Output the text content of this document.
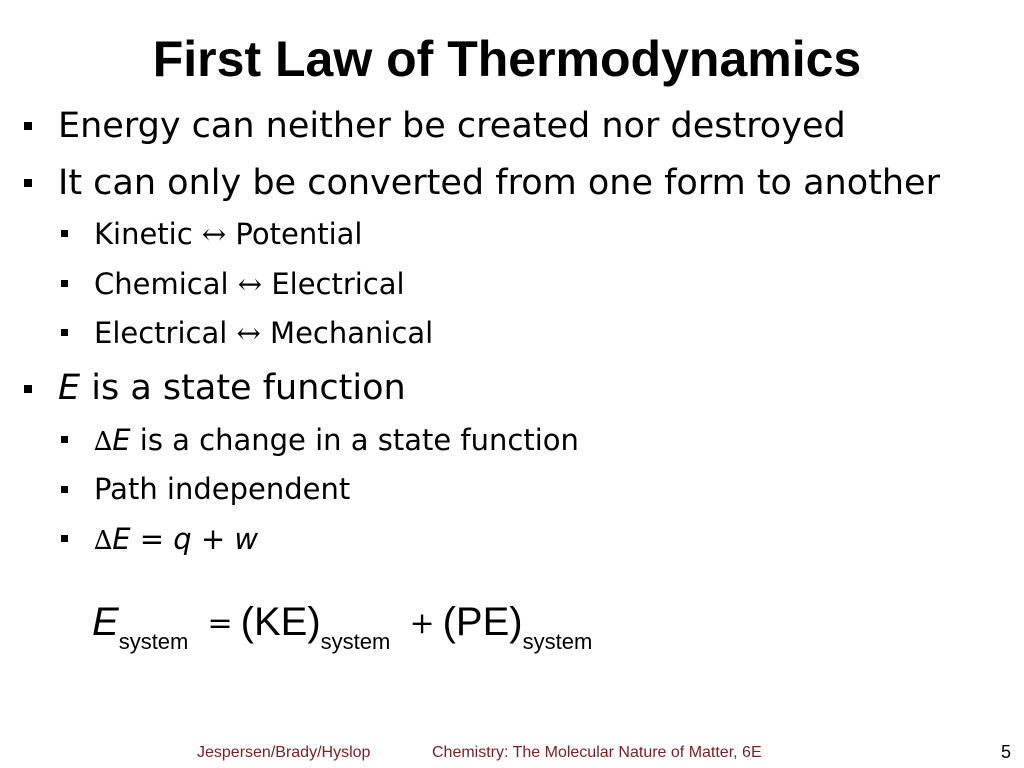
First Law of Thermodynamics
Energy can neither be created nor destroyed
It can only be converted from one form to another
Kinetic ↔ Potential
Chemical ↔ Electrical
Electrical ↔ Mechanical
E is a state function
∆E is a change in a state function
Path independent
∆E = q + w
$E_{system} = (KE)_{system} + (PE)_{system}$
Jespersen/Brady/Hyslop	Chemistry: The Molecular Nature of Matter, 6E	5
